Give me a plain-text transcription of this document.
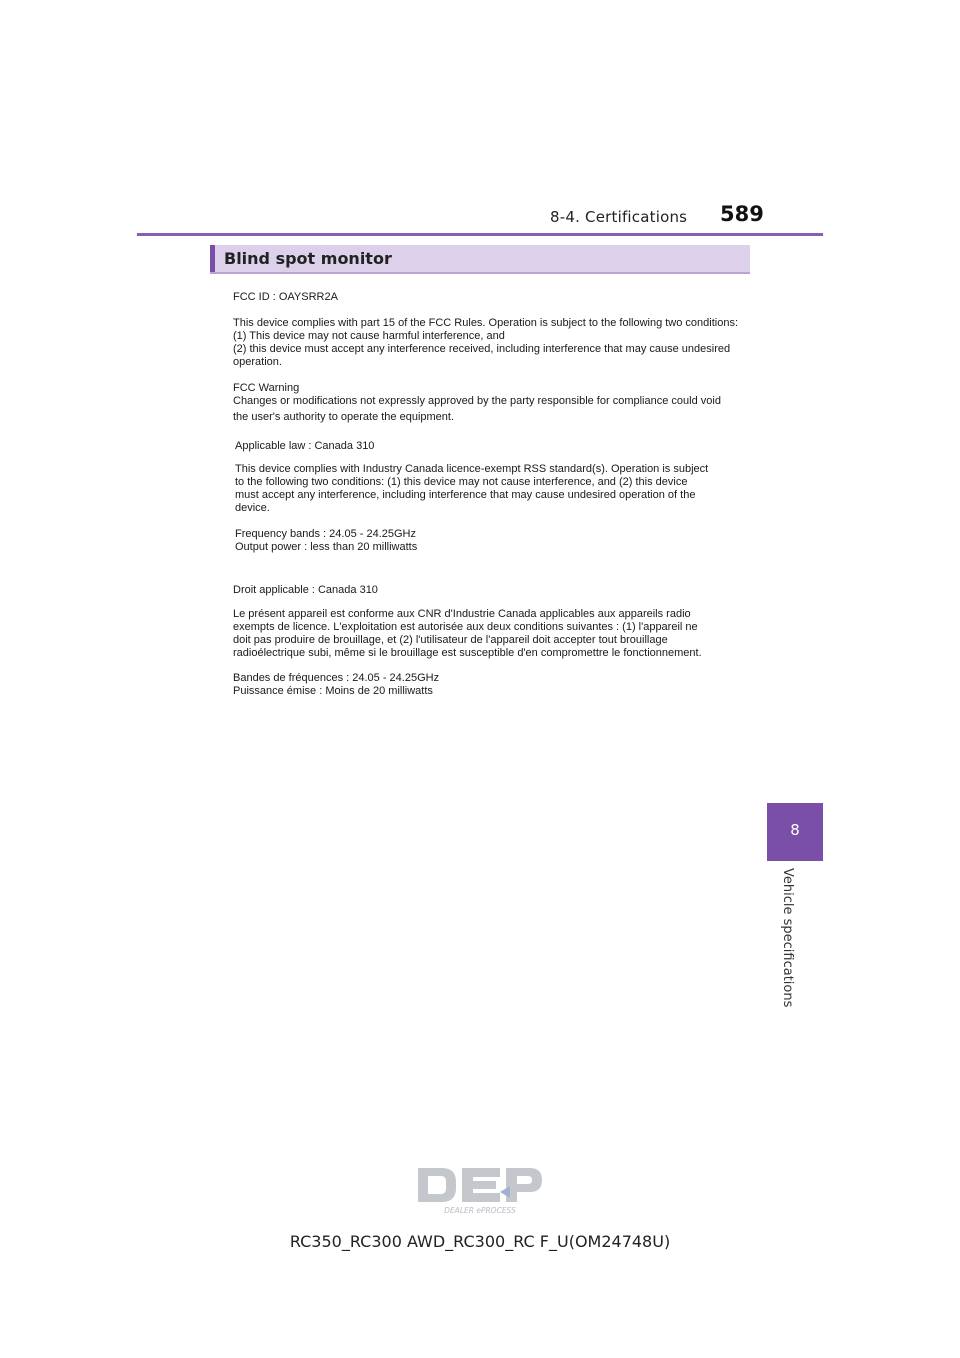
8-4. Certifications 589
Blind spot monitor

FCC ID : OAYSRR2A

This device complies with part 15 of the FCC Rules. Operation is subject to the following two conditions:

(1) This device may not cause harmful interference, and

(2) this device must accept any interference received, including interference that may cause undesired

operation.

FCC Warning

Changes or modifications not expressly approved by the party responsible for compliance could void

the user's authority to operate the equipment.

Applicable law : Canada 310

This device complies with Industry Canada licence-exempt RSS standard(s). Operation is subject

to the following two conditions: (1) this device may not cause interference, and (2) this device

must accept any interference, including interference that may cause undesired operation of the

device.

Frequency bands : 24.05 - 24.25GHz

Output power : less than 20 milliwatts

Droit applicable : Canada 310

Le présent appareil est conforme aux CNR d'Industrie Canada applicables aux appareils radio

exempts de licence. L'exploitation est autorisée aux deux conditions suivantes : (1) l'appareil ne

doit pas produire de brouillage, et (2) l'utilisateur de l'appareil doit accepter tout brouillage

radioélectrique subi, même si le brouillage est susceptible d'en compromettre le fonctionnement.

Bandes de fréquences : 24.05 - 24.25GHz

Puissance émise : Moins de 20 milliwatts

8
Vehicle specifications
DEALER ePROCESS
RC350_RC300 AWD_RC300_RC F_U(OM24748U)
